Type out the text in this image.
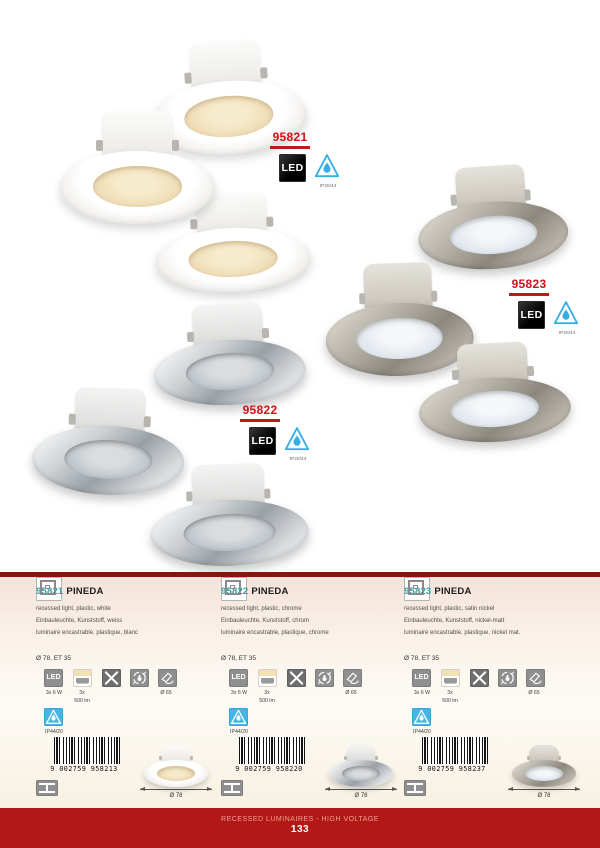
95821
LED
IP20/44
95822
LED
IP20/44
95823
LED
IP20/44
95821 PINEDA
recessed light, plastic, white
Einbauleuchte, Kunststoff, weiss
luminaire encastrable, plastique, blanc
Ø 78, ET 35
LED
3x 6 W	3x
500 lm
Ø 65
IP44/20
9 002759 958213
Ø 78
95822 PINEDA
recessed light, plastic, chrome
Einbauleuchte, Kunststoff, chrom
luminaire encastrable, plastique, chrome
Ø 78, ET 35
LED
3x 6 W	3x
500 lm
Ø 65
IP44/20
9 002759 958220
Ø 78
95823 PINEDA
recessed light, plastic, satin nickel
Einbauleuchte, Kunststoff, nickel-matt
luminaire encastrable, plastique, nickel mat.
Ø 78, ET 35
LED
3x 6 W	3x
500 lm
Ø 65
IP44/20
9 002759 958237
Ø 78
RECESSED LUMINAIRES - HIGH VOLTAGE
133
